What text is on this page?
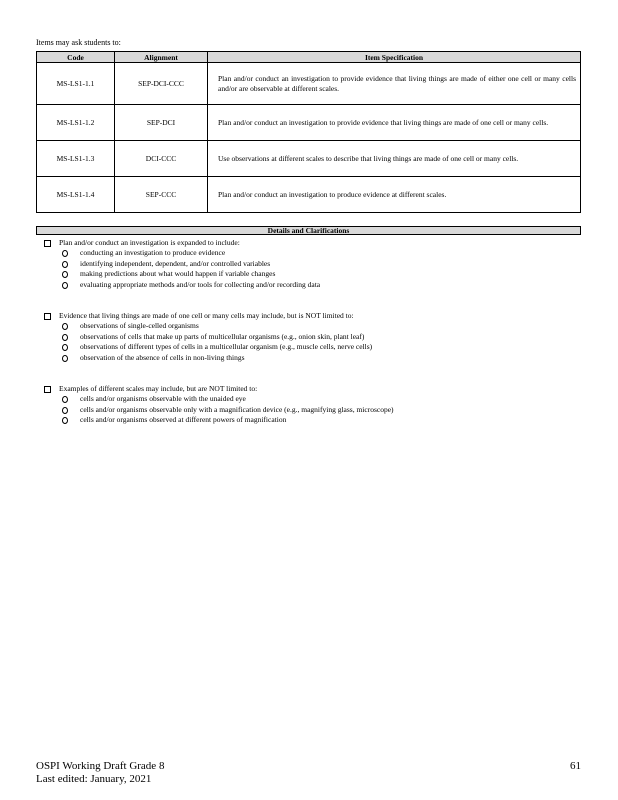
Items may ask students to:
Code	Alignment	Item Specification
MS-LS1-1.1	SEP-DCI-CCC	Plan and/or conduct an investigation to provide evidence that living things are made of either one cell or many cells and/or are observable at different scales.
MS-LS1-1.2	SEP-DCI	Plan and/or conduct an investigation to provide evidence that living things are made of one cell or many cells.
MS-LS1-1.3	DCI-CCC	Use observations at different scales to describe that living things are made of one cell or many cells.
MS-LS1-1.4	SEP-CCC	Plan and/or conduct an investigation to produce evidence at different scales.
Details and Clarifications
Plan and/or conduct an investigation is expanded to include:
conducting an investigation to produce evidence
identifying independent, dependent, and/or controlled variables
making predictions about what would happen if variable changes
evaluating appropriate methods and/or tools for collecting and/or recording data
Evidence that living things are made of one cell or many cells may include, but is NOT limited to:
observations of single-celled organisms
observations of cells that make up parts of multicellular organisms (e.g., onion skin, plant leaf)
observations of different types of cells in a multicellular organism (e.g., muscle cells, nerve cells)
observation of the absence of cells in non-living things
Examples of different scales may include, but are NOT limited to:
cells and/or organisms observable with the unaided eye
cells and/or organisms observable only with a magnification device (e.g., magnifying glass, microscope)
cells and/or organisms observed at different powers of magnification
OSPI Working Draft Grade 8
Last edited: January, 2021
61
